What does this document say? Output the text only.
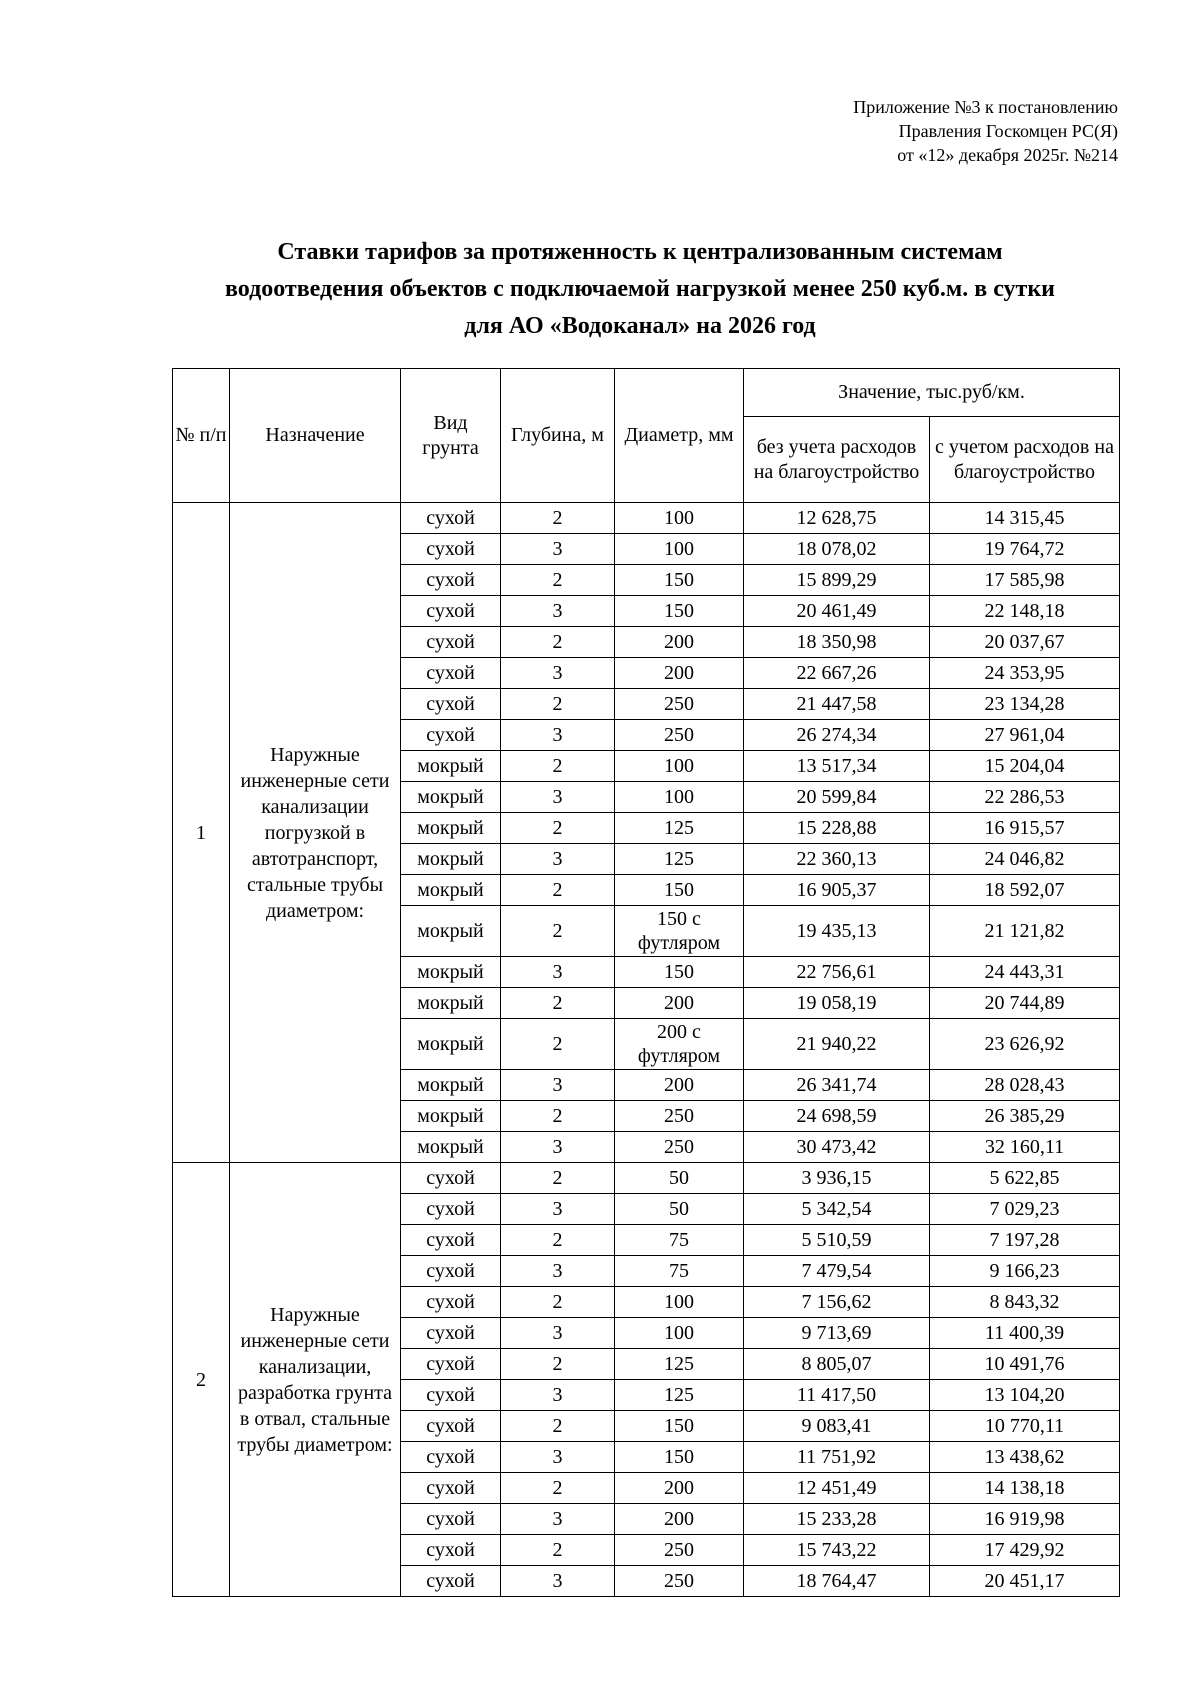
Приложение №3 к постановлению
Правления Госкомцен РС(Я)
от «12» декабря 2025г. №214
Ставки тарифов за протяженность к централизованным системам
водоотведения объектов с подключаемой нагрузкой менее 250 куб.м. в сутки
для АО «Водоканал» на 2026 год
№ п/п	Назначение	Вид грунта	Глубина, м	Диаметр, мм	Значение, тыс.руб/км.	
					без учета расходов на благоустройство	с учетом расходов на благоустройство
1	Наружные инженерные сети канализации погрузкой в автотранспорт, стальные трубы диаметром:	сухой	2	100	12 628,75	14 315,45
		сухой	3	100	18 078,02	19 764,72
		сухой	2	150	15 899,29	17 585,98
		сухой	3	150	20 461,49	22 148,18
		сухой	2	200	18 350,98	20 037,67
		сухой	3	200	22 667,26	24 353,95
		сухой	2	250	21 447,58	23 134,28
		сухой	3	250	26 274,34	27 961,04
		мокрый	2	100	13 517,34	15 204,04
		мокрый	3	100	20 599,84	22 286,53
		мокрый	2	125	15 228,88	16 915,57
		мокрый	3	125	22 360,13	24 046,82
		мокрый	2	150	16 905,37	18 592,07
		мокрый	2	150 с футляром	19 435,13	21 121,82
		мокрый	3	150	22 756,61	24 443,31
		мокрый	2	200	19 058,19	20 744,89
		мокрый	2	200 с футляром	21 940,22	23 626,92
		мокрый	3	200	26 341,74	28 028,43
		мокрый	2	250	24 698,59	26 385,29
		мокрый	3	250	30 473,42	32 160,11
2	Наружные инженерные сети канализации, разработка грунта в отвал, стальные трубы диаметром:	сухой	2	50	3 936,15	5 622,85
		сухой	3	50	5 342,54	7 029,23
		сухой	2	75	5 510,59	7 197,28
		сухой	3	75	7 479,54	9 166,23
		сухой	2	100	7 156,62	8 843,32
		сухой	3	100	9 713,69	11 400,39
		сухой	2	125	8 805,07	10 491,76
		сухой	3	125	11 417,50	13 104,20
		сухой	2	150	9 083,41	10 770,11
		сухой	3	150	11 751,92	13 438,62
		сухой	2	200	12 451,49	14 138,18
		сухой	3	200	15 233,28	16 919,98
		сухой	2	250	15 743,22	17 429,92
		сухой	3	250	18 764,47	20 451,17
